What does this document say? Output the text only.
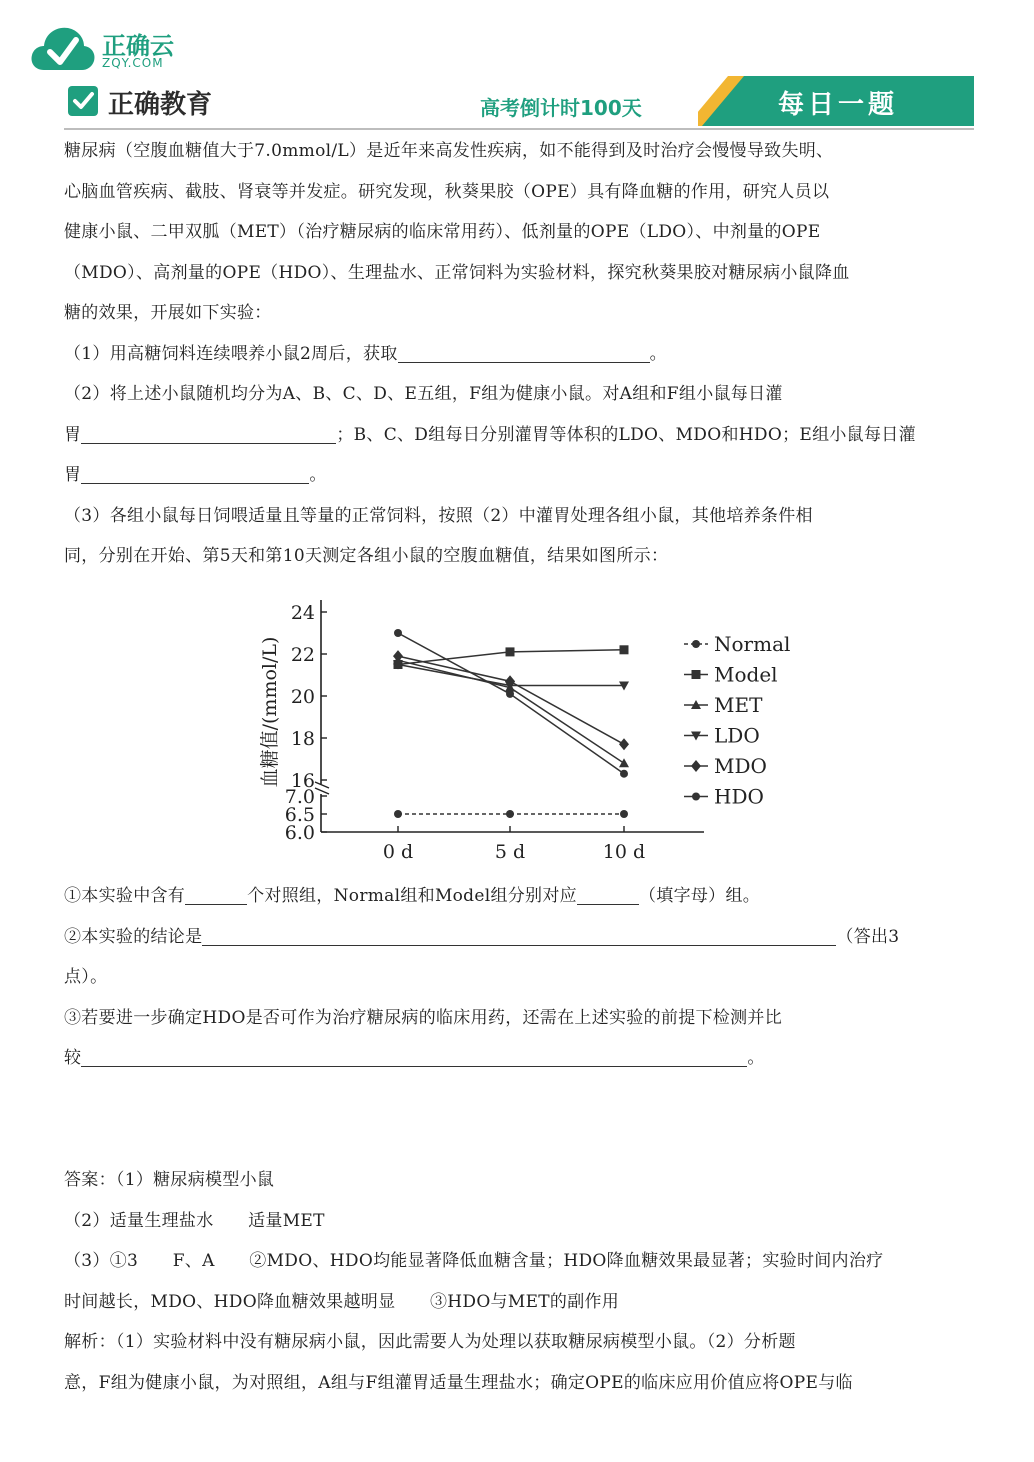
正确云
ZQY.COM
正确教育	高考倒计时100天	每日一题
糖尿病（空腹血糖值大于7.0mmol/L）是近年来高发性疾病，如不能得到及时治疗会慢慢导致失明、
心脑血管疾病、截肢、肾衰等并发症。研究发现，秋葵果胶（OPE）具有降血糖的作用，研究人员以
健康小鼠、二甲双胍（MET）（治疗糖尿病的临床常用药）、低剂量的OPE（LDO）、中剂量的OPE
（MDO）、高剂量的OPE（HDO）、生理盐水、正常饲料为实验材料，探究秋葵果胶对糖尿病小鼠降血
糖的效果，开展如下实验：
（1）用高糖饲料连续喂养小鼠2周后，获取	。
（2）将上述小鼠随机均分为A、B、C、D、E五组，F组为健康小鼠。对A组和F组小鼠每日灌
胃	；B、C、D组每日分别灌胃等体积的LDO、MDO和HDO；E组小鼠每日灌
胃	。
（3）各组小鼠每日饲喂适量且等量的正常饲料，按照（2）中灌胃处理各组小鼠，其他培养条件相
同，分别在开始、第5天和第10天测定各组小鼠的空腹血糖值，结果如图所示：
血糖值/(mmol/L)
24
22
20
18
16
7.0
6.5
6.0
0 d	5 d	10 d
Normal
Model
MET
LDO
MDO
HDO
①本实验中含有	个对照组，Normal组和Model组分别对应	（填字母）组。
②本实验的结论是	（答出3
点）。
③若要进一步确定HDO是否可作为治疗糖尿病的临床用药，还需在上述实验的前提下检测并比
较	。
答案：（1）糖尿病模型小鼠
（2）适量生理盐水　　适量MET
（3）①3　　F、A　　②MDO、HDO均能显著降低血糖含量；HDO降血糖效果最显著；实验时间内治疗
时间越长，MDO、HDO降血糖效果越明显　　③HDO与MET的副作用
解析：（1）实验材料中没有糖尿病小鼠，因此需要人为处理以获取糖尿病模型小鼠。（2）分析题
意，F组为健康小鼠，为对照组，A组与F组灌胃适量生理盐水；确定OPE的临床应用价值应将OPE与临
